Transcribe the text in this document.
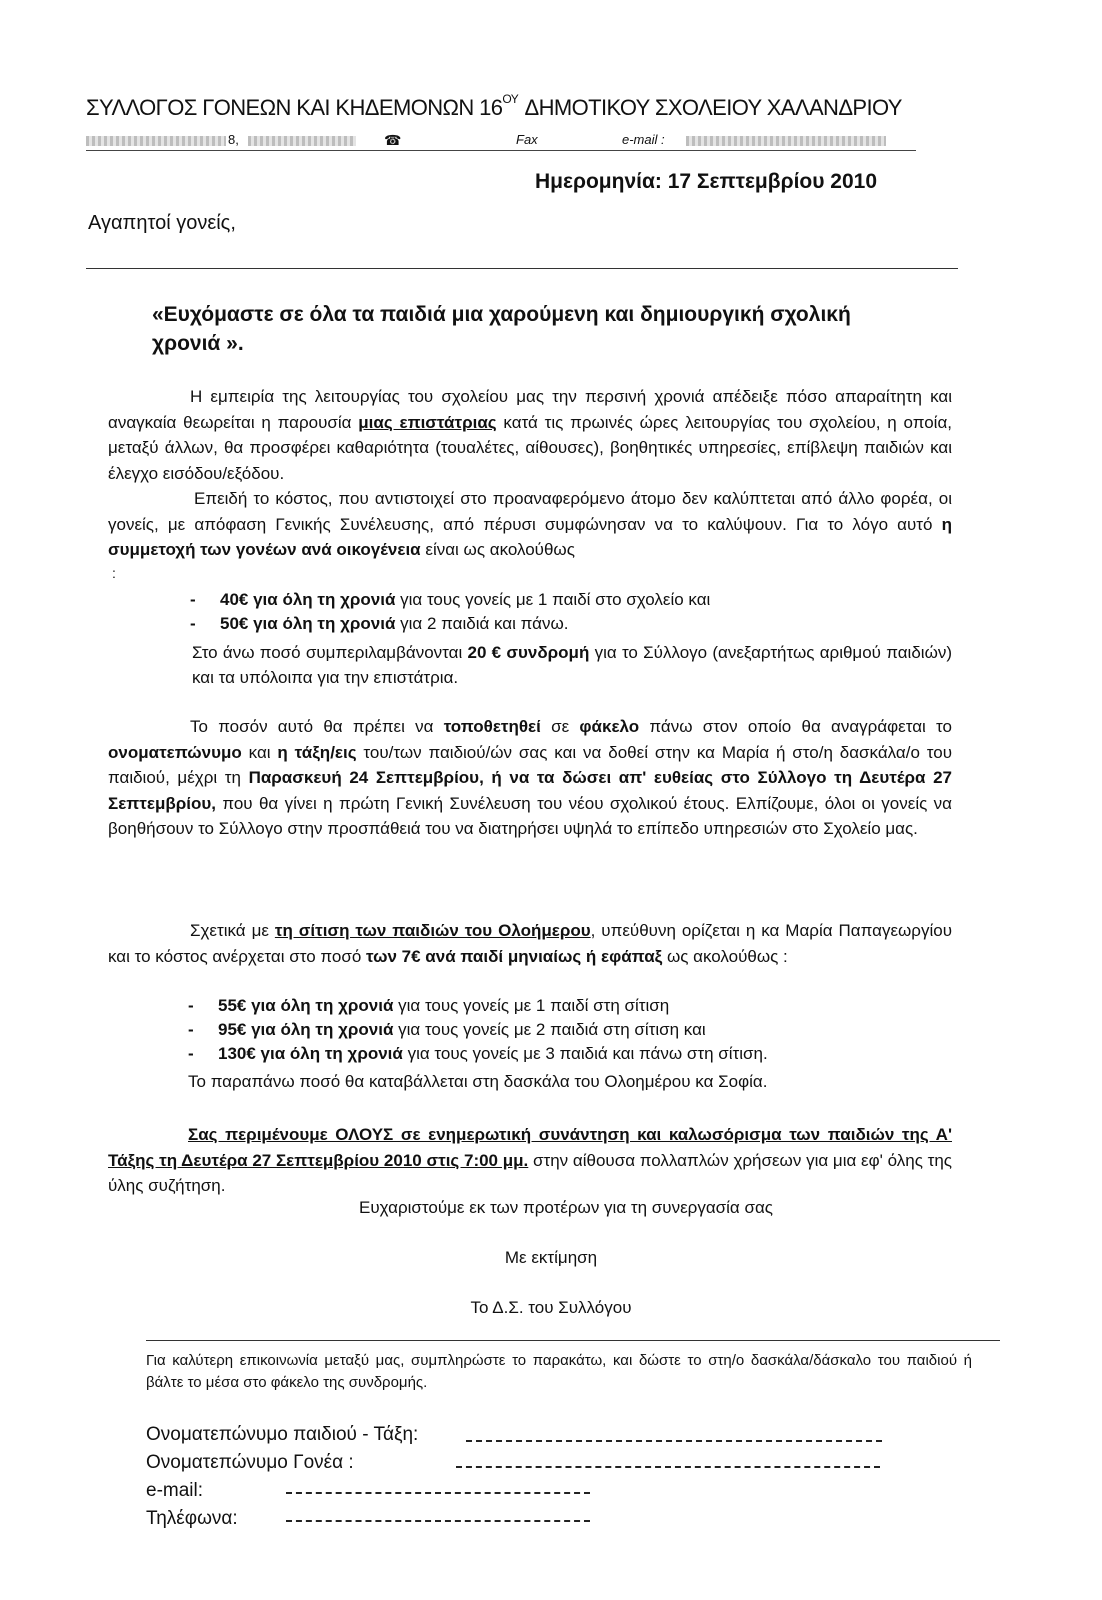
ΣΥΛΛΟΓΟΣ ΓΟΝΕΩΝ ΚΑΙ ΚΗΔΕΜΟΝΩΝ $16^{O\Upsilon}$ ΔΗΜΟΤΙΚΟΥ ΣΧΟΛΕΙΟΥ ΧΑΛΑΝΔΡΙΟΥ
8,	☎	Fax	e-mail :
Ημερομηνία: 17 Σεπτεμβρίου 2010
Αγαπητοί γονείς,
«Ευχόμαστε σε όλα τα παιδιά μια χαρούμενη και δημιουργική σχολική χρονιά ».
Η εμπειρία της λειτουργίας του σχολείου μας την περσινή χρονιά απέδειξε πόσο απαραίτητη και αναγκαία θεωρείται η παρουσία μιας επιστάτριας κατά τις πρωινές ώρες λειτουργίας του σχολείου, η οποία, μεταξύ άλλων, θα προσφέρει καθαριότητα (τουαλέτες, αίθουσες), βοηθητικές υπηρεσίες, επίβλεψη παιδιών και έλεγχο εισόδου/εξόδου.
Επειδή το κόστος, που αντιστοιχεί στο προαναφερόμενο άτομο δεν καλύπτεται από άλλο φορέα, οι γονείς, με απόφαση Γενικής Συνέλευσης, από πέρυσι συμφώνησαν να το καλύψουν. Για το λόγο αυτό η συμμετοχή των γονέων ανά οικογένεια είναι ως ακολούθως
:
- 40€ για όλη τη χρονιά για τους γονείς με 1 παιδί στο σχολείο και
- 50€ για όλη τη χρονιά για 2 παιδιά και πάνω.
Στο άνω ποσό συμπεριλαμβάνονται 20 € συνδρομή για το Σύλλογο (ανεξαρτήτως αριθμού παιδιών) και τα υπόλοιπα για την επιστάτρια.
Το ποσόν αυτό θα πρέπει να τοποθετηθεί σε φάκελο πάνω στον οποίο θα αναγράφεται το ονοματεπώνυμο και η τάξη/εις του/των παιδιού/ών σας και να δοθεί στην κα Μαρία ή στο/η δασκάλα/ο του παιδιού, μέχρι τη Παρασκευή 24 Σεπτεμβρίου, ή να τα δώσει απ' ευθείας στο Σύλλογο τη Δευτέρα 27 Σεπτεμβρίου, που θα γίνει η πρώτη Γενική Συνέλευση του νέου σχολικού έτους. Ελπίζουμε, όλοι οι γονείς να βοηθήσουν το Σύλλογο στην προσπάθειά του να διατηρήσει υψηλά το επίπεδο υπηρεσιών στο Σχολείο μας.
Σχετικά με τη σίτιση των παιδιών του Ολοήμερου, υπεύθυνη ορίζεται η κα Μαρία Παπαγεωργίου και το κόστος ανέρχεται στο ποσό των 7€ ανά παιδί μηνιαίως ή εφάπαξ ως ακολούθως :
- 55€ για όλη τη χρονιά για τους γονείς με 1 παιδί στη σίτιση
- 95€ για όλη τη χρονιά για τους γονείς με 2 παιδιά στη σίτιση και
- 130€ για όλη τη χρονιά για τους γονείς με 3 παιδιά και πάνω στη σίτιση.
Το παραπάνω ποσό θα καταβάλλεται στη δασκάλα του Ολοημέρου κα Σοφία.
Σας περιμένουμε ΟΛΟΥΣ σε ενημερωτική συνάντηση και καλωσόρισμα των παιδιών της Α' Τάξης τη Δευτέρα 27 Σεπτεμβρίου 2010 στις 7:00 μμ. στην αίθουσα πολλαπλών χρήσεων για μια εφ' όλης της ύλης συζήτηση.
Ευχαριστούμε εκ των προτέρων για τη συνεργασία σας
Με εκτίμηση
Το Δ.Σ. του Συλλόγου
Για καλύτερη επικοινωνία μεταξύ μας, συμπληρώστε το παρακάτω, και δώστε το στη/ο δασκάλα/δάσκαλο του παιδιού ή βάλτε το μέσα στο φάκελο της συνδρομής.
Ονοματεπώνυμο παιδιού - Τάξη:
Ονοματεπώνυμο Γονέα :
e-mail:
Τηλέφωνα:
